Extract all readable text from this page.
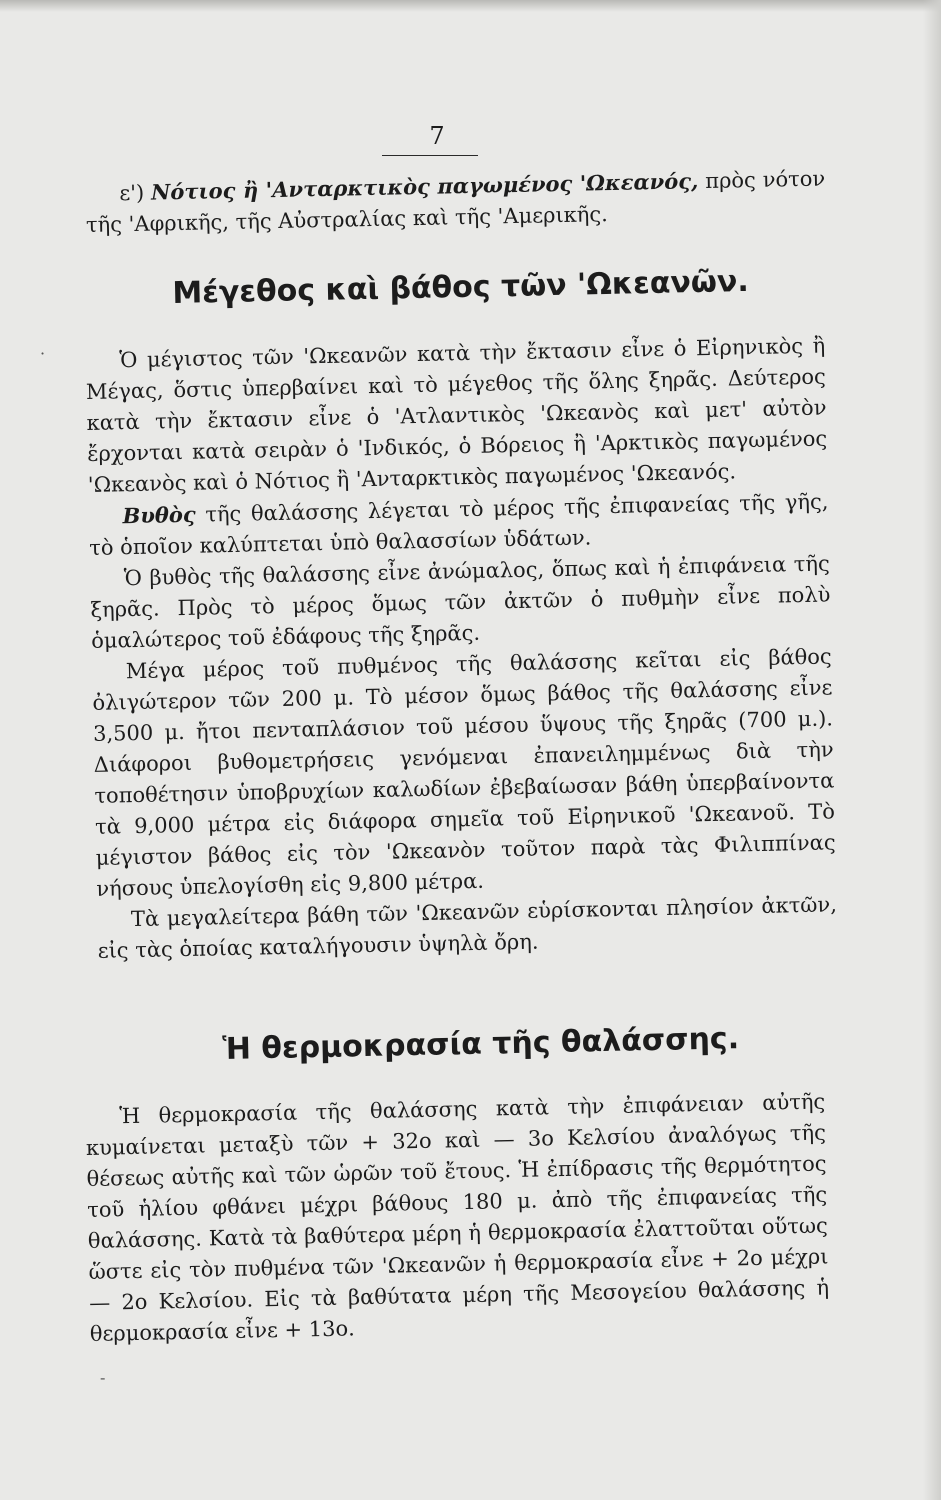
7

ε') Νότιος ἢ 'Ανταρκτικὸς παγωμένος 'Ωκεανός, πρὸς νότον τῆς 'Αφρικῆς, τῆς Αὐστραλίας καὶ τῆς 'Αμερικῆς.

Μέγεθος καὶ βάθος τῶν 'Ωκεανῶν.

Ὁ μέγιστος τῶν 'Ωκεανῶν κατὰ τὴν ἔκτασιν εἶνε ὁ Εἰρηνικὸς ἢ Μέγας, ὅστις ὑπερβαίνει καὶ τὸ μέγεθος τῆς ὅλης ξηρᾶς. Δεύτερος κατὰ τὴν ἔκτασιν εἶνε ὁ 'Ατλαντικὸς 'Ωκεανὸς καὶ μετ' αὐτὸν ἔρχονται κατὰ σειρὰν ὁ 'Ινδικός, ὁ Βόρειος ἢ 'Αρκτικὸς παγωμένος 'Ωκεανὸς καὶ ὁ Νότιος ἢ 'Ανταρκτικὸς παγωμένος 'Ωκεανός.

Βυθὸς τῆς θαλάσσης λέγεται τὸ μέρος τῆς ἐπιφανείας τῆς γῆς, τὸ ὁποῖον καλύπτεται ὑπὸ θαλασσίων ὑδάτων.

Ὁ βυθὸς τῆς θαλάσσης εἶνε ἀνώμαλος, ὅπως καὶ ἡ ἐπιφάνεια τῆς ξηρᾶς. Πρὸς τὸ μέρος ὅμως τῶν ἀκτῶν ὁ πυθμὴν εἶνε πολὺ ὁμαλώτερος τοῦ ἐδάφους τῆς ξηρᾶς.

Μέγα μέρος τοῦ πυθμένος τῆς θαλάσσης κεῖται εἰς βάθος ὀλιγώτερον τῶν 200 μ. Τὸ μέσον ὅμως βάθος τῆς θαλάσσης εἶνε 3,500 μ. ἤτοι πενταπλάσιον τοῦ μέσου ὕψους τῆς ξηρᾶς (700 μ.). Διάφοροι βυθομετρήσεις γενόμεναι ἐπανειλημμένως διὰ τὴν τοποθέτησιν ὑποβρυχίων καλωδίων ἐβεβαίωσαν βάθη ὑπερβαίνοντα τὰ 9,000 μέτρα εἰς διάφορα σημεῖα τοῦ Εἰρηνικοῦ 'Ωκεανοῦ. Τὸ μέγιστον βάθος εἰς τὸν 'Ωκεανὸν τοῦτον παρὰ τὰς Φιλιππίνας νήσους ὑπελογίσθη εἰς 9,800 μέτρα.

Τὰ μεγαλείτερα βάθη τῶν 'Ωκεανῶν εὑρίσκονται πλησίον ἀκτῶν, εἰς τὰς ὁποίας καταλήγουσιν ὑψηλὰ ὄρη.

Ἡ θερμοκρασία τῆς θαλάσσης.

Ἡ θερμοκρασία τῆς θαλάσσης κατὰ τὴν ἐπιφάνειαν αὐτῆς κυμαίνεται μεταξὺ τῶν + 32ο καὶ — 3ο Κελσίου ἀναλόγως τῆς θέσεως αὐτῆς καὶ τῶν ὡρῶν τοῦ ἔτους. Ἡ ἐπίδρασις τῆς θερμότητος τοῦ ἡλίου φθάνει μέχρι βάθους 180 μ. ἀπὸ τῆς ἐπιφανείας τῆς θαλάσσης. Κατὰ τὰ βαθύτερα μέρη ἡ θερμοκρασία ἐλαττοῦται οὕτως ὥστε εἰς τὸν πυθμένα τῶν 'Ωκεανῶν ἡ θερμοκρασία εἶνε + 2ο μέχρι — 2ο Κελσίου. Εἰς τὰ βαθύτατα μέρη τῆς Μεσογείου θαλάσσης ἡ θερμοκρασία εἶνε + 13ο.

·
-
